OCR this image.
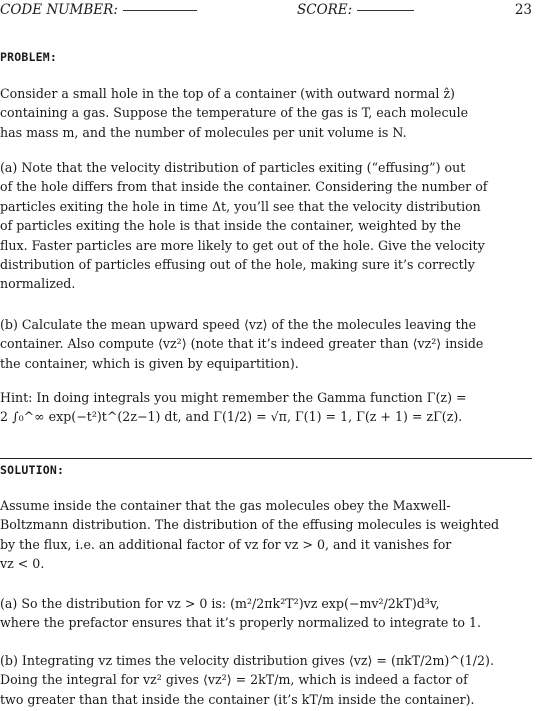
CODE NUMBER:	SCORE:	23
PROBLEM:
Consider a small hole in the top of a container (with outward normal ẑ)
containing a gas. Suppose the temperature of the gas is T, each molecule
has mass m, and the number of molecules per unit volume is N.
(a) Note that the velocity distribution of particles exiting (“effusing”) out
of the hole differs from that inside the container. Considering the number of
particles exiting the hole in time Δt, you’ll see that the velocity distribution
of particles exiting the hole is that inside the container, weighted by the
flux. Faster particles are more likely to get out of the hole. Give the velocity
distribution of particles effusing out of the hole, making sure it’s correctly
normalized.
(b) Calculate the mean upward speed ⟨vz⟩ of the the molecules leaving the
container. Also compute ⟨vz²⟩ (note that it’s indeed greater than ⟨vz²⟩ inside
the container, which is given by equipartition).
Hint: In doing integrals you might remember the Gamma function Γ(z) =
2 ∫₀^∞ exp(−t²)t^(2z−1) dt, and Γ(1/2) = √π, Γ(1) = 1, Γ(z + 1) = zΓ(z).
SOLUTION:
Assume inside the container that the gas molecules obey the Maxwell-
Boltzmann distribution. The distribution of the effusing molecules is weighted
by the flux, i.e. an additional factor of vz for vz > 0, and it vanishes for
vz < 0.
(a) So the distribution for vz > 0 is: (m²/2πk²T²)vz exp(−mv²/2kT)d³v,
where the prefactor ensures that it’s properly normalized to integrate to 1.
(b) Integrating vz times the velocity distribution gives ⟨vz⟩ = (πkT/2m)^(1/2).
Doing the integral for vz² gives ⟨vz²⟩ = 2kT/m, which is indeed a factor of
two greater than that inside the container (it’s kT/m inside the container).
